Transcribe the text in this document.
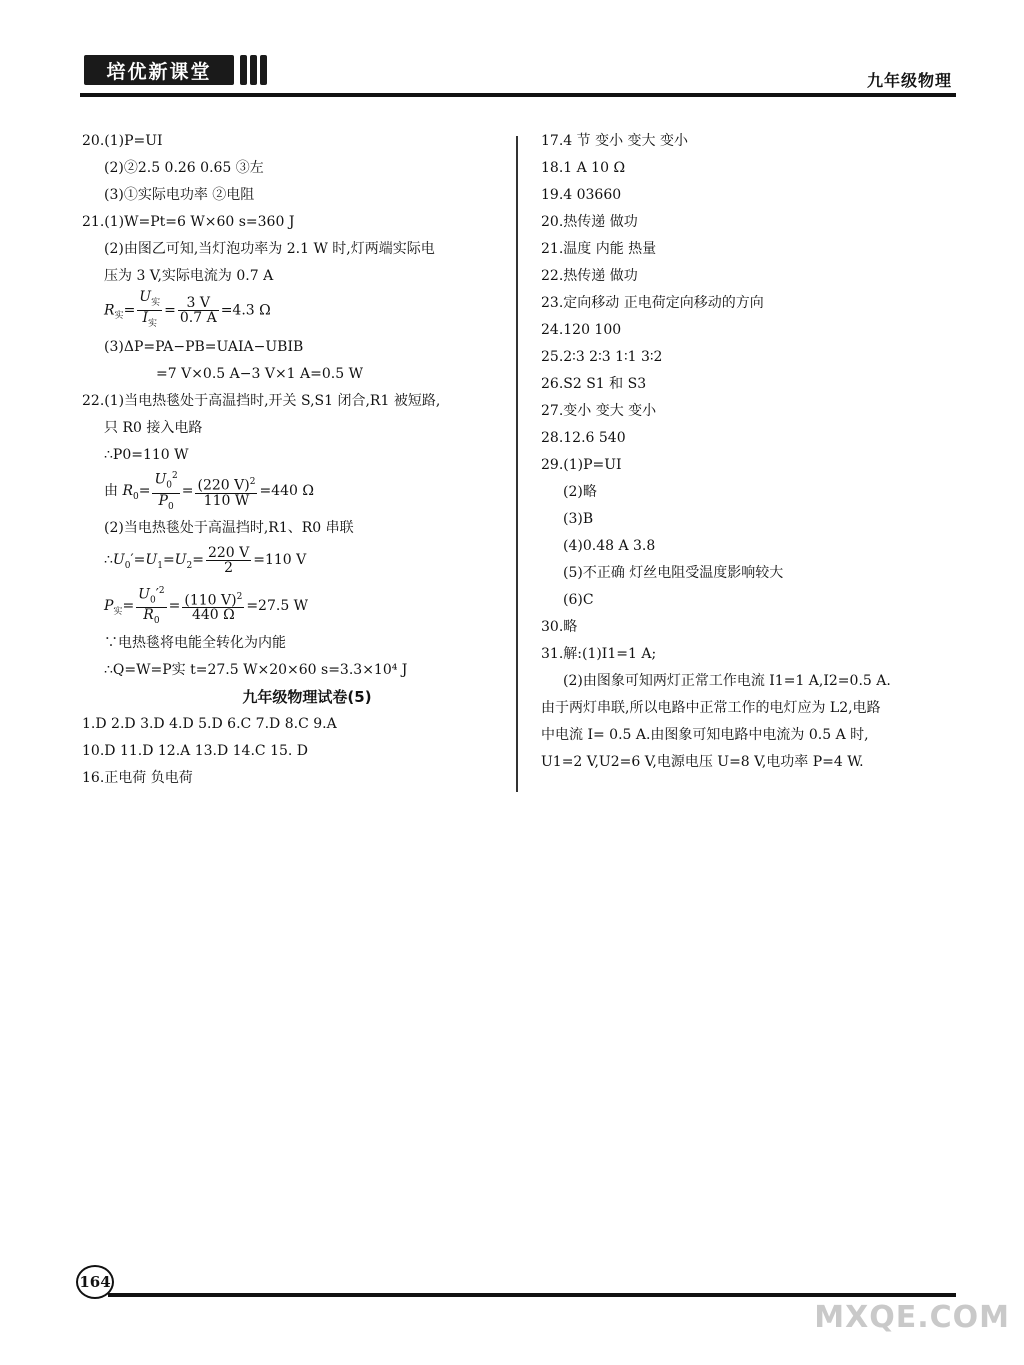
培优新课堂	九年级物理
20.(1)P=UI
(2)②2.5 0.26 0.65 ③左
(3)①实际电功率 ②电阻
21.(1)W=Pt=6 W×60 s=360 J
(2)由图乙可知,当灯泡功率为 2.1 W 时,灯两端实际电
压为 3 V,实际电流为 0.7 A
$R_实= \frac{U_实}{I_实} = \frac{3 V}{0.7 A} =4.3$ Ω
(3)ΔP=PA−PB=UAIA−UBIB
=7 V×0.5 A−3 V×1 A=0.5 W
22.(1)当电热毯处于高温挡时,开关 S,S1 闭合,R1 被短路,
只 R0 接入电路
∴P0=110 W
由 $R_0= \frac{U_0^2}{P_0} = \frac{(220 V)^2}{110 W} =440$ Ω
(2)当电热毯处于高温挡时,R1、R0 串联
$\therefore U_0'=U_1=U_2= \frac{220 V}{2} =110$ V
$P_实= \frac{U_0'^2}{R_0} = \frac{(110 V)^2}{440 \Omega} =27.5$ W
∵电热毯将电能全转化为内能
∴Q=W=P实 t=27.5 W×20×60 s=3.3×10⁴ J
九年级物理试卷(5)
1.D 2.D 3.D 4.D 5.D 6.C 7.D 8.C 9.A
10.D 11.D 12.A 13.D 14.C 15. D
16.正电荷 负电荷
17.4 节 变小 变大 变小
18.1 A 10 Ω
19.4 03660
20.热传递 做功
21.温度 内能 热量
22.热传递 做功
23.定向移动 正电荷定向移动的方向
24.120 100
25.2∶3 2∶3 1∶1 3∶2
26.S2 S1 和 S3
27.变小 变大 变小
28.12.6 540
29.(1)P=UI
(2)略
(3)B
(4)0.48 A 3.8
(5)不正确 灯丝电阻受温度影响较大
(6)C
30.略
31.解:(1)I1=1 A;
(2)由图象可知两灯正常工作电流 I1=1 A,I2=0.5 A.
由于两灯串联,所以电路中正常工作的电灯应为 L2,电路
中电流 I= 0.5 A.由图象可知电路中电流为 0.5 A 时,
U1=2 V,U2=6 V,电源电压 U=8 V,电功率 P=4 W.
164
MXQE.COM
